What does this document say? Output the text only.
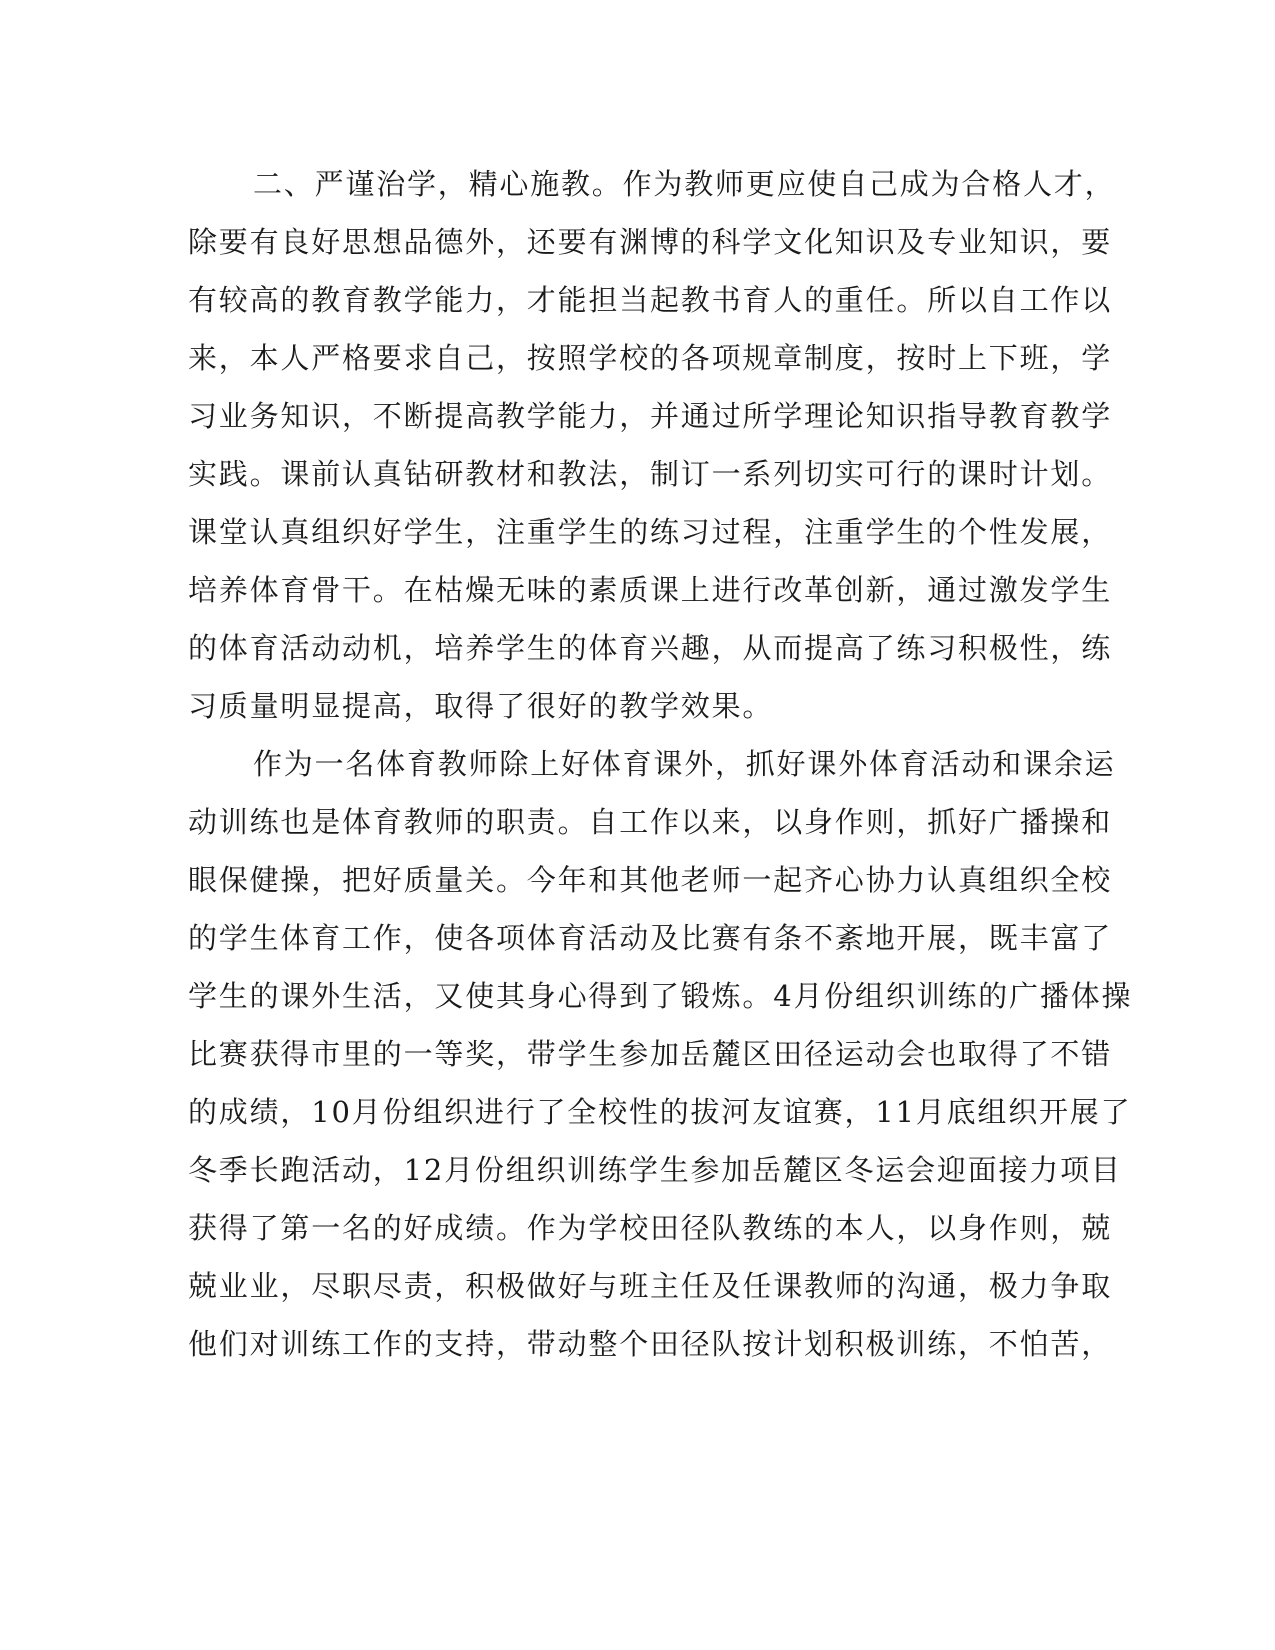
二、严谨治学，精心施教。作为教师更应使自己成为合格人才，

除要有良好思想品德外，还要有渊博的科学文化知识及专业知识，要

有较高的教育教学能力，才能担当起教书育人的重任。所以自工作以

来，本人严格要求自己，按照学校的各项规章制度，按时上下班，学

习业务知识，不断提高教学能力，并通过所学理论知识指导教育教学

实践。课前认真钻研教材和教法，制订一系列切实可行的课时计划。

课堂认真组织好学生，注重学生的练习过程，注重学生的个性发展，

培养体育骨干。在枯燥无味的素质课上进行改革创新，通过激发学生

的体育活动动机，培养学生的体育兴趣，从而提高了练习积极性，练

习质量明显提高，取得了很好的教学效果。

作为一名体育教师除上好体育课外，抓好课外体育活动和课余运

动训练也是体育教师的职责。自工作以来，以身作则，抓好广播操和

眼保健操，把好质量关。今年和其他老师一起齐心协力认真组织全校

的学生体育工作，使各项体育活动及比赛有条不紊地开展，既丰富了

学生的课外生活，又使其身心得到了锻炼。4月份组织训练的广播体操

比赛获得市里的一等奖，带学生参加岳麓区田径运动会也取得了不错

的成绩，10月份组织进行了全校性的拔河友谊赛，11月底组织开展了

冬季长跑活动，12月份组织训练学生参加岳麓区冬运会迎面接力项目

获得了第一名的好成绩。作为学校田径队教练的本人，以身作则，兢

兢业业，尽职尽责，积极做好与班主任及任课教师的沟通，极力争取

他们对训练工作的支持，带动整个田径队按计划积极训练，不怕苦，
